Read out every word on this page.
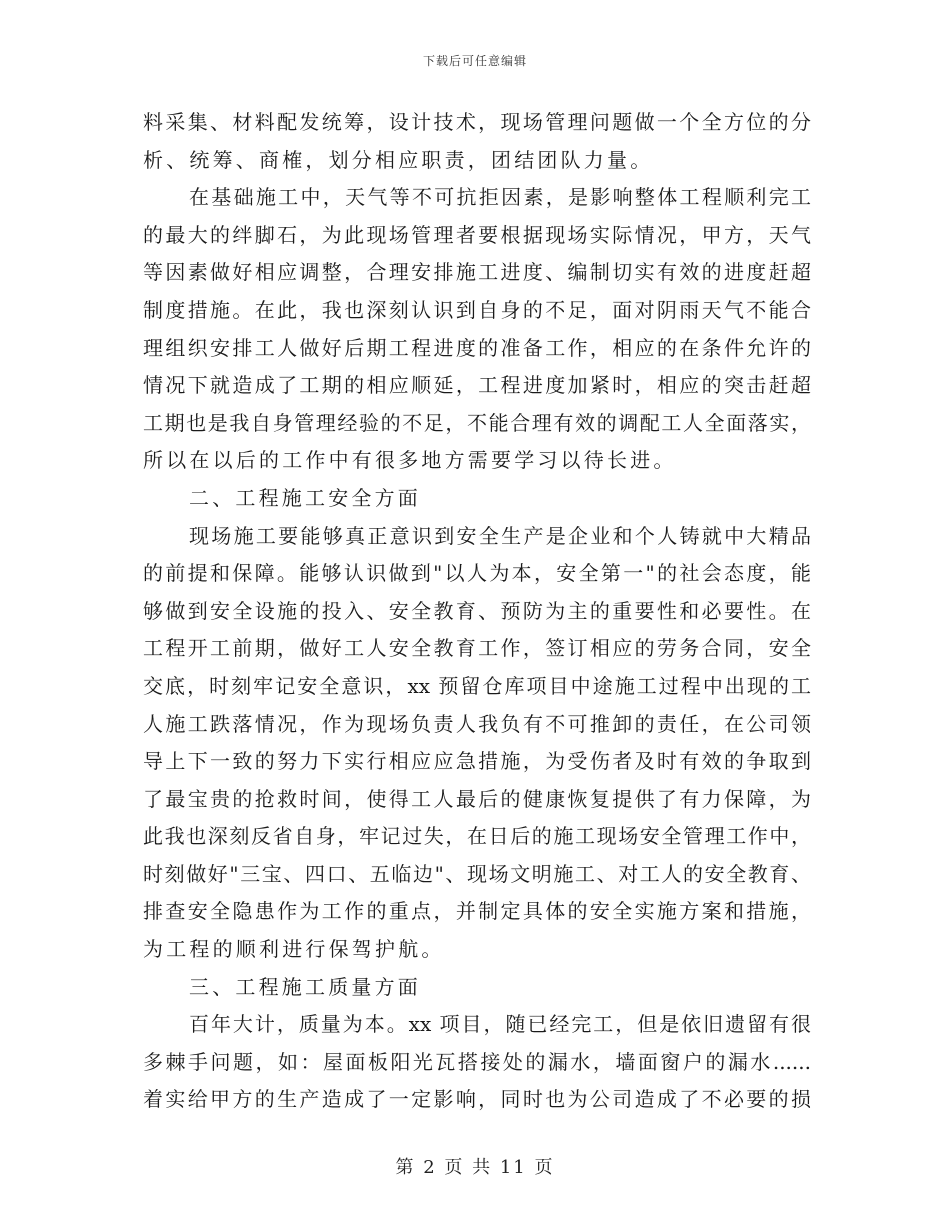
下载后可任意编辑
料采集、材料配发统筹，设计技术，现场管理问题做一个全方位的分
析、统筹、商榷，划分相应职责，团结团队力量。
在基础施工中，天气等不可抗拒因素，是影响整体工程顺利完工
的最大的绊脚石，为此现场管理者要根据现场实际情况，甲方，天气
等因素做好相应调整，合理安排施工进度、编制切实有效的进度赶超
制度措施。在此，我也深刻认识到自身的不足，面对阴雨天气不能合
理组织安排工人做好后期工程进度的准备工作，相应的在条件允许的
情况下就造成了工期的相应顺延，工程进度加紧时，相应的突击赶超
工期也是我自身管理经验的不足，不能合理有效的调配工人全面落实，
所以在以后的工作中有很多地方需要学习以待长进。
二、工程施工安全方面
现场施工要能够真正意识到安全生产是企业和个人铸就中大精品
的前提和保障。能够认识做到"以人为本，安全第一"的社会态度，能
够做到安全设施的投入、安全教育、预防为主的重要性和必要性。在
工程开工前期，做好工人安全教育工作，签订相应的劳务合同，安全
交底，时刻牢记安全意识，xx 预留仓库项目中途施工过程中出现的工
人施工跌落情况，作为现场负责人我负有不可推卸的责任，在公司领
导上下一致的努力下实行相应应急措施，为受伤者及时有效的争取到
了最宝贵的抢救时间，使得工人最后的健康恢复提供了有力保障，为
此我也深刻反省自身，牢记过失，在日后的施工现场安全管理工作中，
时刻做好"三宝、四口、五临边"、现场文明施工、对工人的安全教育、
排查安全隐患作为工作的重点，并制定具体的安全实施方案和措施，
为工程的顺利进行保驾护航。
三、工程施工质量方面
百年大计，质量为本。xx 项目，随已经完工，但是依旧遗留有很
多棘手问题，如：屋面板阳光瓦搭接处的漏水，墙面窗户的漏水......
着实给甲方的生产造成了一定影响，同时也为公司造成了不必要的损
第 2 页 共 11 页
